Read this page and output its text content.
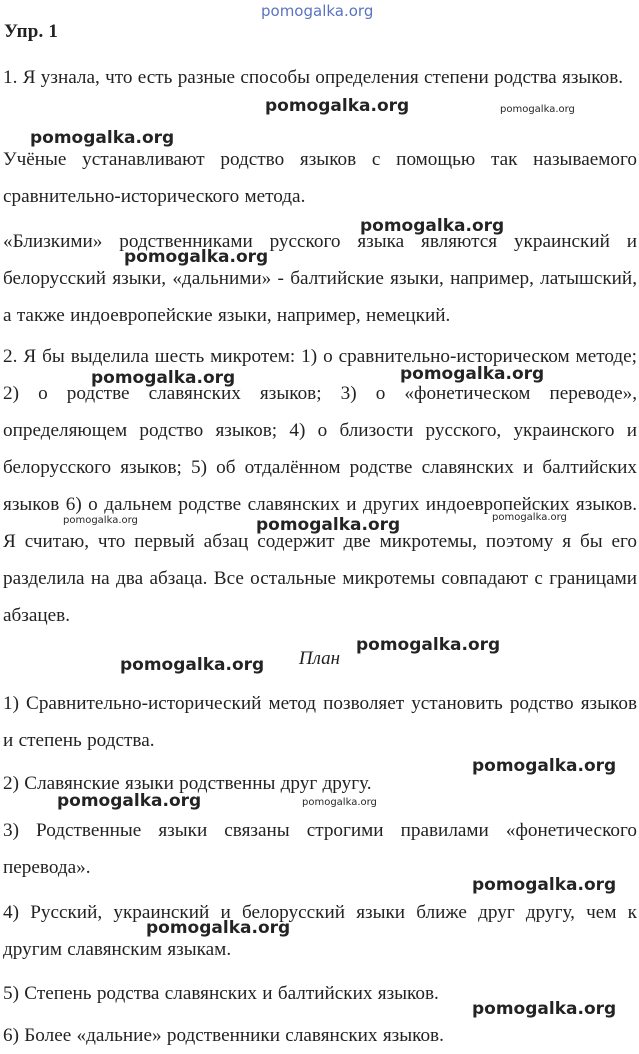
Упр. 1
1. Я узнала, что есть разные способы определения степени родства языков.
Учёные устанавливают родство языков с помощью так называемого сравнительно-исторического метода.
«Близкими» родственниками русского языка являются украинский и белорусский языки, «дальними» - балтийские языки, например, латышский, а также индоевропейские языки, например, немецкий.
2. Я бы выделила шесть микротем: 1) о сравнительно-историческом методе; 2) о родстве славянских языков; 3) о «фонетическом переводе», определяющем родство языков; 4) о близости русского, украинского и белорусского языков; 5) об отдалённом родстве славянских и балтийских языков 6) о дальнем родстве славянских и других индоевропейских языков. Я считаю, что первый абзац содержит две микротемы, поэтому я бы его разделила на два абзаца. Все остальные микротемы совпадают с границами абзацев.
План
1) Сравнительно-исторический метод позволяет установить родство языков и степень родства.
2) Славянские языки родственны друг другу.
3) Родственные языки связаны строгими правилами «фонетического перевода».
4) Русский, украинский и белорусский языки ближе друг другу, чем к другим славянским языкам.
5) Степень родства славянских и балтийских языков.
6) Более «дальние» родственники славянских языков.
pomogalka.org
pomogalka.org	pomogalka.org
pomogalka.org
pomogalka.org
pomogalka.org
pomogalka.org	pomogalka.org
pomogalka.org	pomogalka.org	pomogalka.org
pomogalka.org
pomogalka.org
pomogalka.org
pomogalka.org	pomogalka.org
pomogalka.org
pomogalka.org
pomogalka.org
